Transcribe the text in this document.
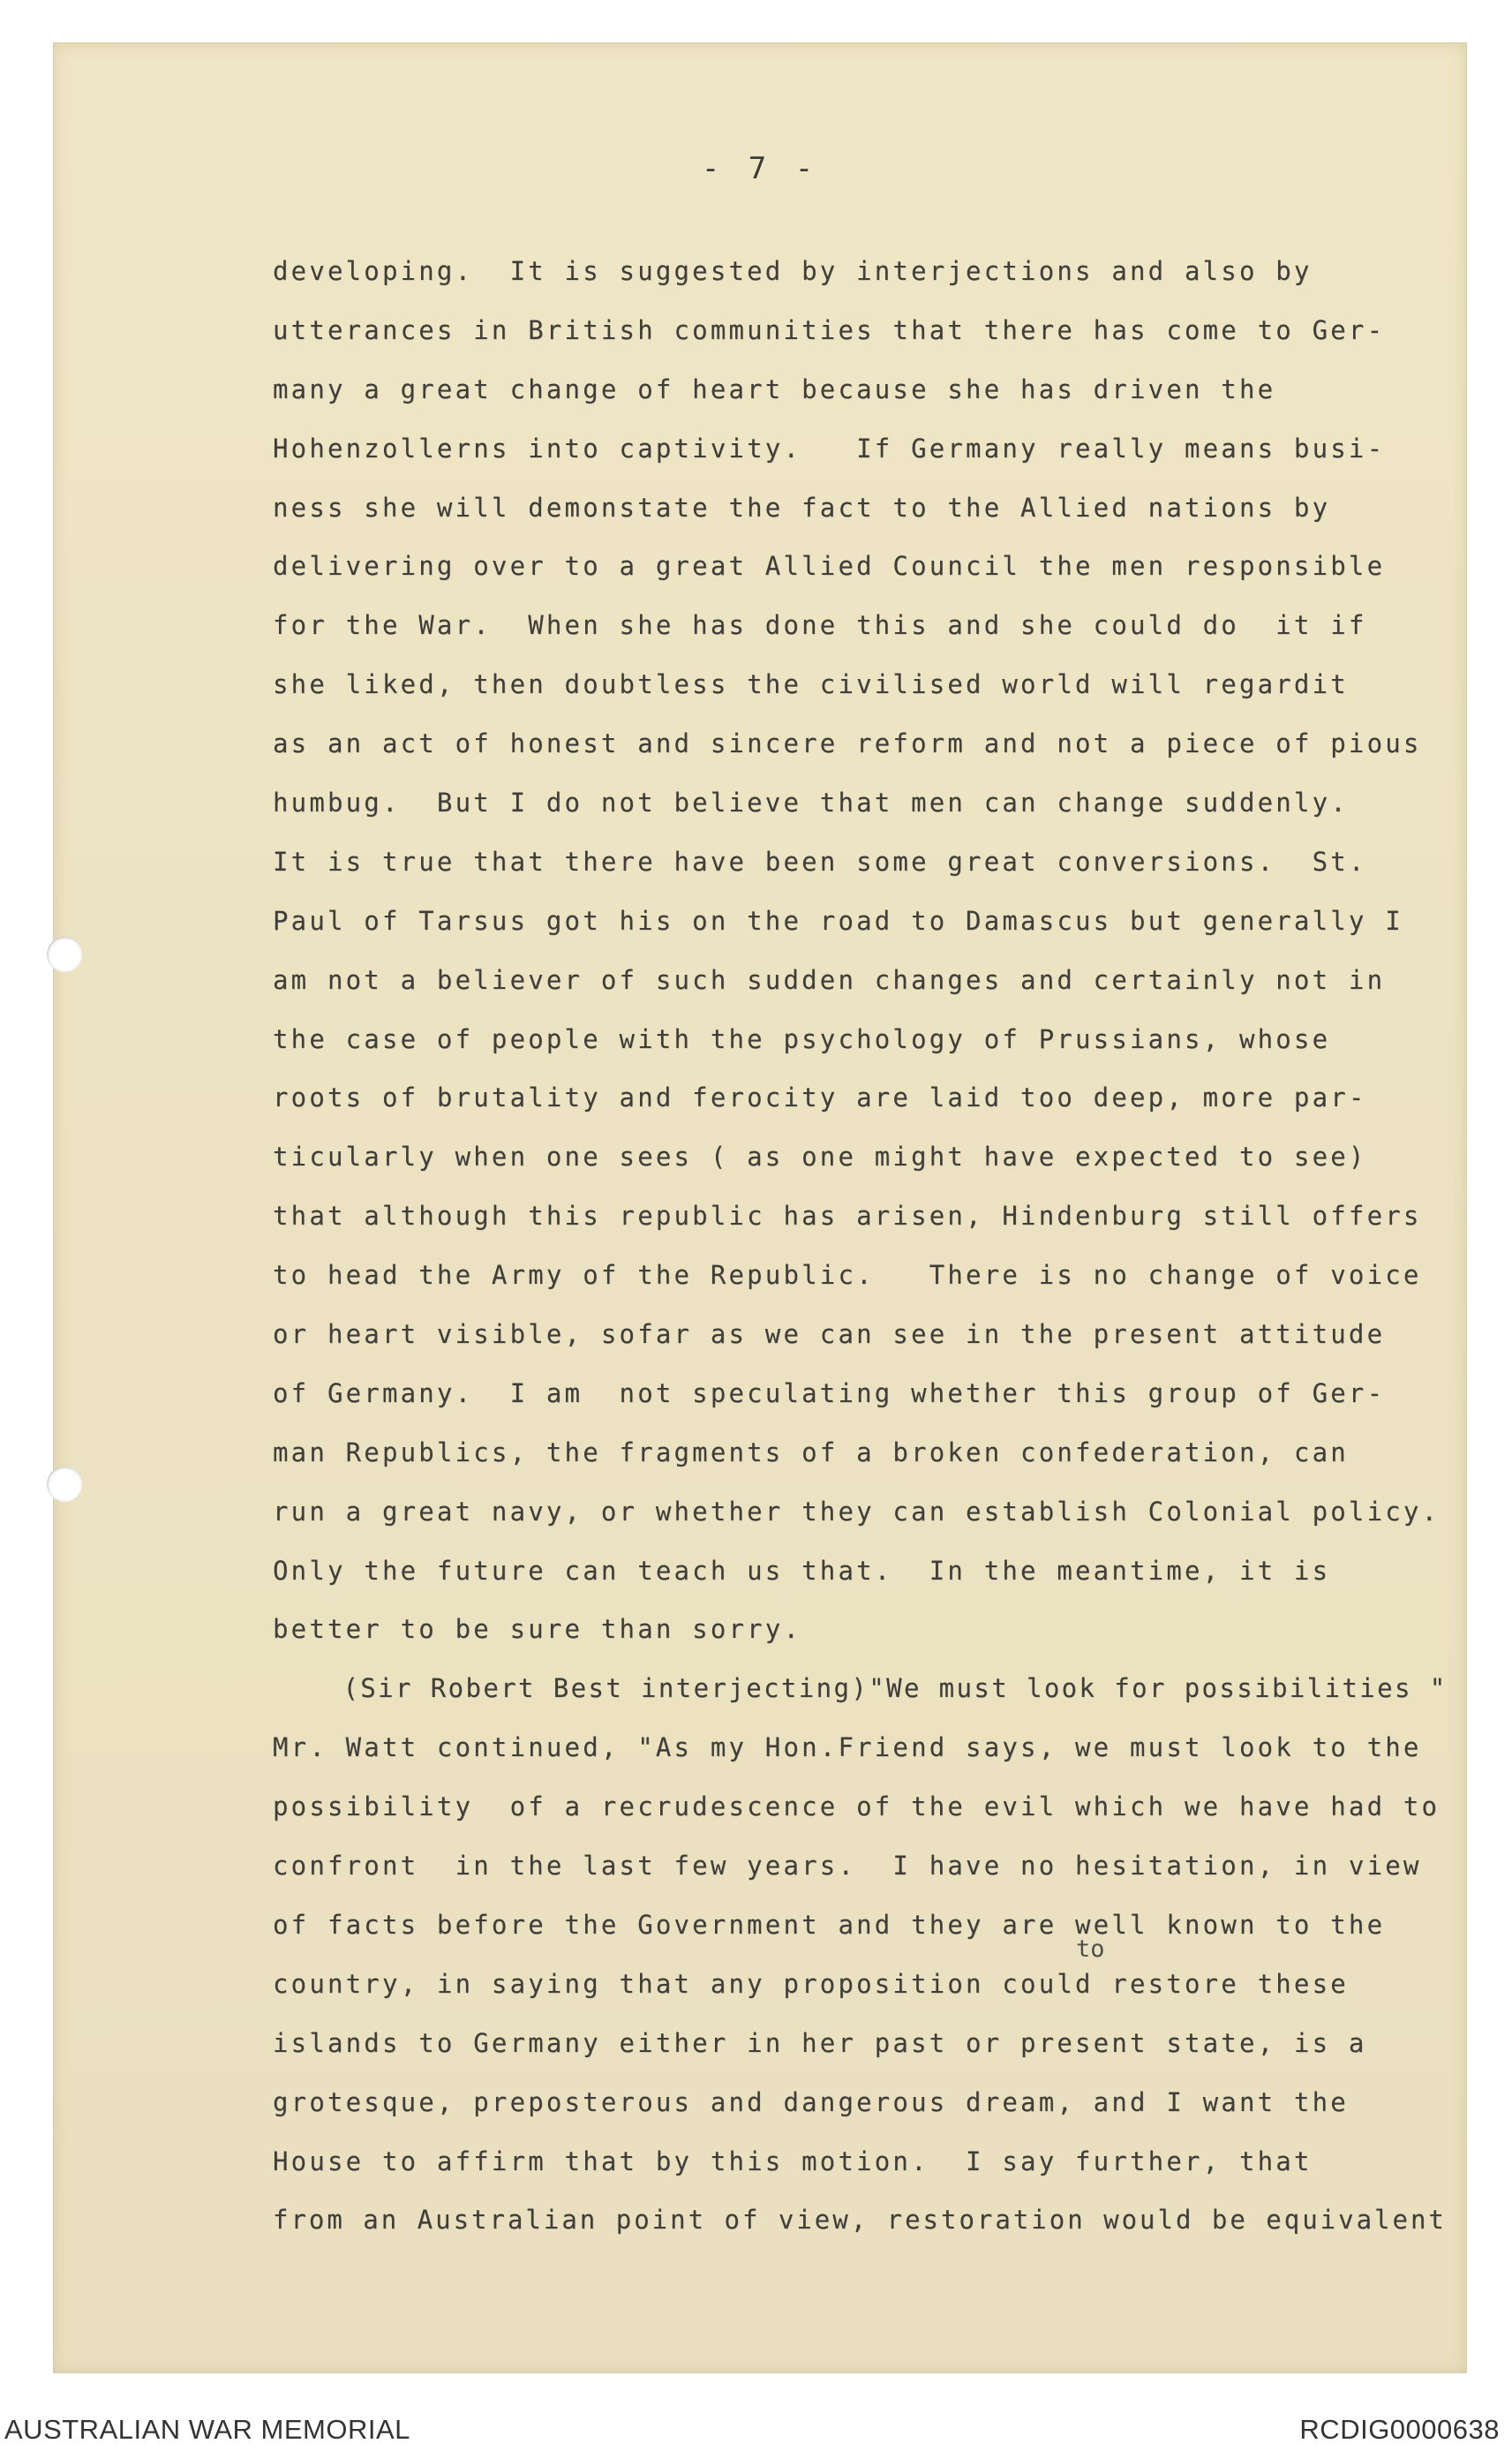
- 7 -
to
developing.  It is suggested by interjections and also by
utterances in British communities that there has come to Ger-
many a great change of heart because she has driven the
Hohenzollerns into captivity.   If Germany really means busi-
ness she will demonstate the fact to the Allied nations by
delivering over to a great Allied Council the men responsible
for the War.  When she has done this and she could do  it if
she liked, then doubtless the civilised world will regardit
as an act of honest and sincere reform and not a piece of pious
humbug.  But I do not believe that men can change suddenly.
It is true that there have been some great conversions.  St.
Paul of Tarsus got his on the road to Damascus but generally I
am not a believer of such sudden changes and certainly not in
the case of people with the psychology of Prussians, whose
roots of brutality and ferocity are laid too deep, more par-
ticularly when one sees ( as one might have expected to see)
that although this republic has arisen, Hindenburg still offers
to head the Army of the Republic.   There is no change of voice
or heart visible, sofar as we can see in the present attitude
of Germany.  I am  not speculating whether this group of Ger-
man Republics, the fragments of a broken confederation, can
run a great navy, or whether they can establish Colonial policy.
Only the future can teach us that.  In the meantime, it is
better to be sure than sorry.
(Sir Robert Best interjecting)"We must look for possibilities "
Mr. Watt continued, "As my Hon.Friend says, we must look to the
possibility  of a recrudescence of the evil which we have had to
confront  in the last few years.  I have no hesitation, in view
of facts before the Government and they are well known to the
country, in saying that any proposition could restore these
islands to Germany either in her past or present state, is a
grotesque, preposterous and dangerous dream, and I want the
House to affirm that by this motion.  I say further, that
from an Australian point of view, restoration would be equivalent
AUSTRALIAN WAR MEMORIAL	RCDIG0000638
